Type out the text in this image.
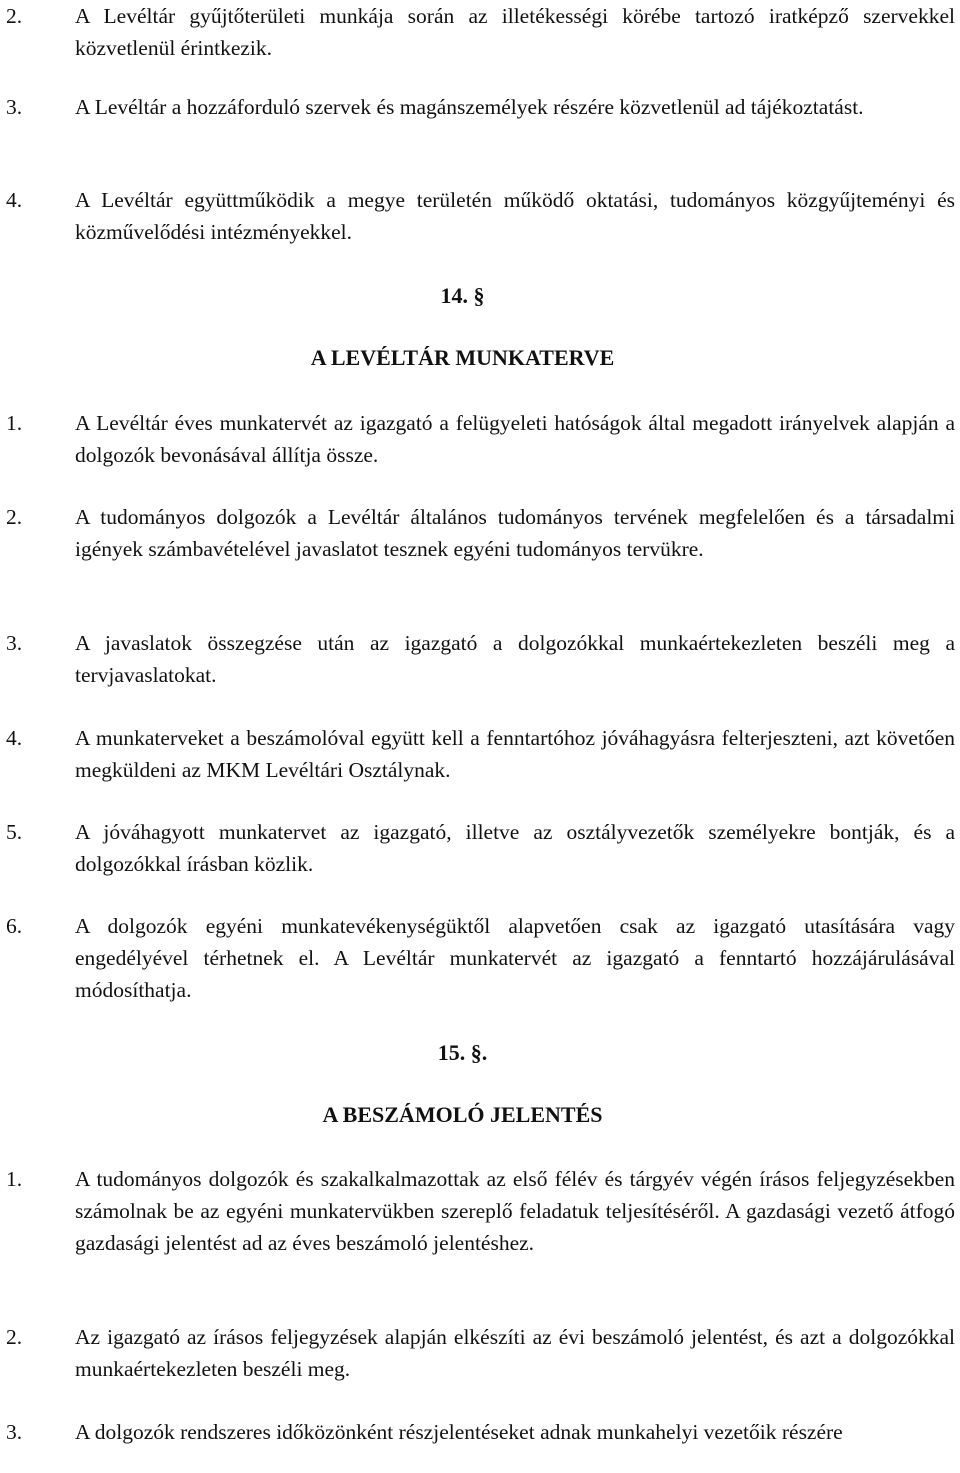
2. A Levéltár gyűjtőterületi munkája során az illetékességi körébe tartozó iratképző szervekkel közvetlenül érintkezik.
3. A Levéltár a hozzáforduló szervek és magánszemélyek részére közvetlenül ad tájékoztatást.
4. A Levéltár együttműködik a megye területén működő oktatási, tudományos közgyűjteményi és közművelődési intézményekkel.
14. §
A LEVÉLTÁR MUNKATERVE
1. A Levéltár éves munkatervét az igazgató a felügyeleti hatóságok által megadott irányelvek alapján a dolgozók bevonásával állítja össze.
2. A tudományos dolgozók a Levéltár általános tudományos tervének megfelelően és a társadalmi igények számbavételével javaslatot tesznek egyéni tudományos tervükre.
3. A javaslatok összegzése után az igazgató a dolgozókkal munkaértekezleten beszéli meg a tervjavaslatokat.
4. A munkaterveket a beszámolóval együtt kell a fenntartóhoz jóváhagyásra felterjeszteni, azt követően megküldeni az MKM Levéltári Osztálynak.
5. A jóváhagyott munkatervet az igazgató, illetve az osztályvezetők személyekre bontják, és a dolgozókkal írásban közlik.
6. A dolgozók egyéni munkatevékenységüktől alapvetően csak az igazgató utasítására vagy engedélyével térhetnek el. A Levéltár munkatervét az igazgató a fenntartó hozzájárulásával módosíthatja.
15. §.
A BESZÁMOLÓ JELENTÉS
1. A tudományos dolgozók és szakalkalmazottak az első félév és tárgyév végén írásos feljegyzésekben számolnak be az egyéni munkatervükben szereplő feladatuk teljesítéséről. A gazdasági vezető átfogó gazdasági jelentést ad az éves beszámoló jelentéshez.
2. Az igazgató az írásos feljegyzések alapján elkészíti az évi beszámoló jelentést, és azt a dolgozókkal munkaértekezleten beszéli meg.
3. A dolgozók rendszeres időközönként részjelentéseket adnak munkahelyi vezetőik részére
